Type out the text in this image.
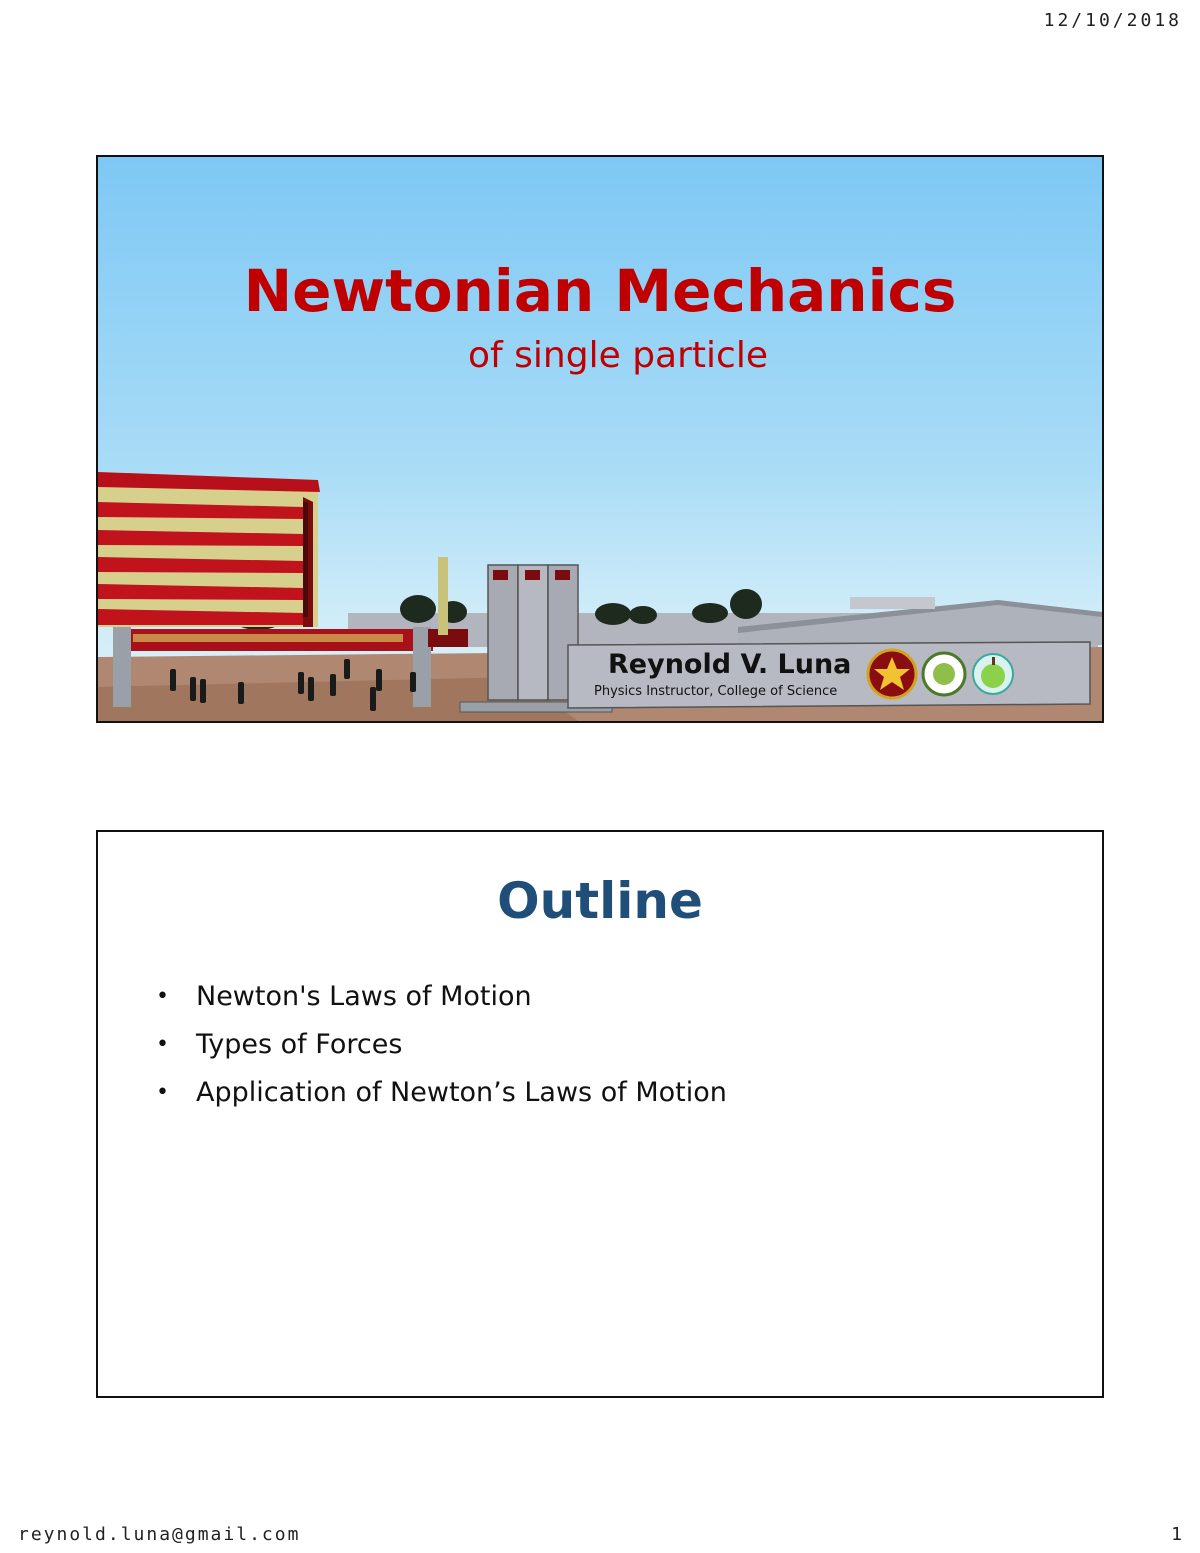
12/10/2018
Newtonian Mechanics
of single particle
Reynold V. Luna
Physics Instructor, College of Science
Outline
•	Newton's Laws of Motion
•	Types of Forces
•	Application of Newton’s Laws of Motion
reynold.luna@gmail.com	1
